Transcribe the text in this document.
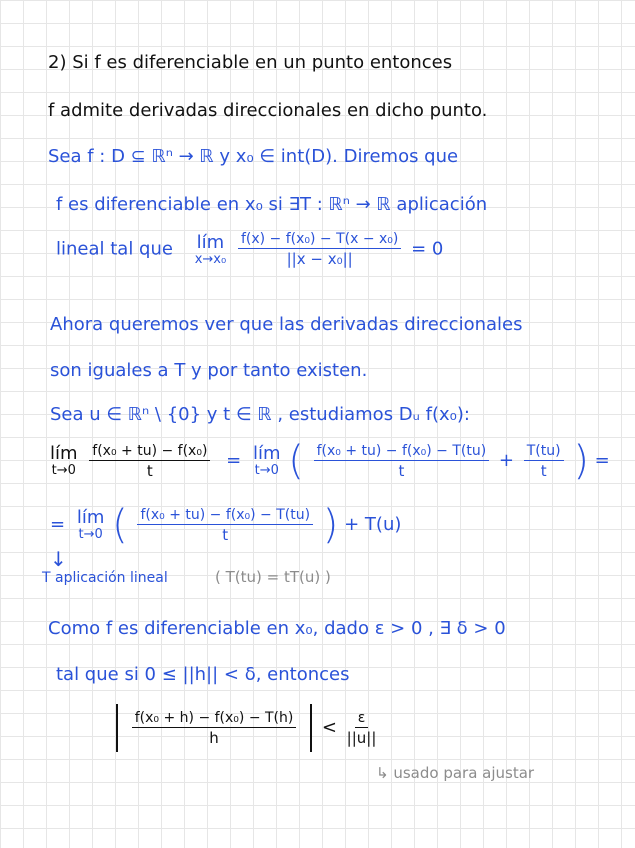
2) Si f es diferenciable en un punto entonces
f admite derivadas direccionales en dicho punto.
Sea f : D ⊆ ℝⁿ → ℝ y x₀ ∈ int(D). Diremos que
f es diferenciable en x₀ si ∃T : ℝⁿ → ℝ aplicación
lineal tal que lím
x→x₀
$\frac{\text{f(x) − f(x₀) − T(x − x₀)}}{\text{||x − x₀||}} = 0$
Ahora queremos ver que las derivadas direccionales
son iguales a T y por tanto existen.
Sea u ∈ ℝⁿ \ {0} y t ∈ ℝ , estudiamos Dᵤ f(x₀):
lím
t→0
$\frac{\text{f(x₀ + tu) − f(x₀)}}{t}$ = lím
t→0 ( $\frac{\text{f(x₀ + tu) − f(x₀) − T(tu)}}{t} + \frac{T(tu)}{t}$ ) =
= lím
t→0 ( $\frac{\text{f(x₀ + tu) − f(x₀) − T(tu)}}{t}$ ) + T(u)
↓
T aplicación lineal	( T(tu) = tT(u) )
Como f es diferenciable en x₀, dado ε > 0 , ∃ δ > 0
tal que si 0 ≤ ||h|| < δ, entonces

$\frac{\text{f(x₀ + h) − f(x₀) − T(h)}}{h} < \frac{\varepsilon}{||u||}$
↳ usado para ajustar
